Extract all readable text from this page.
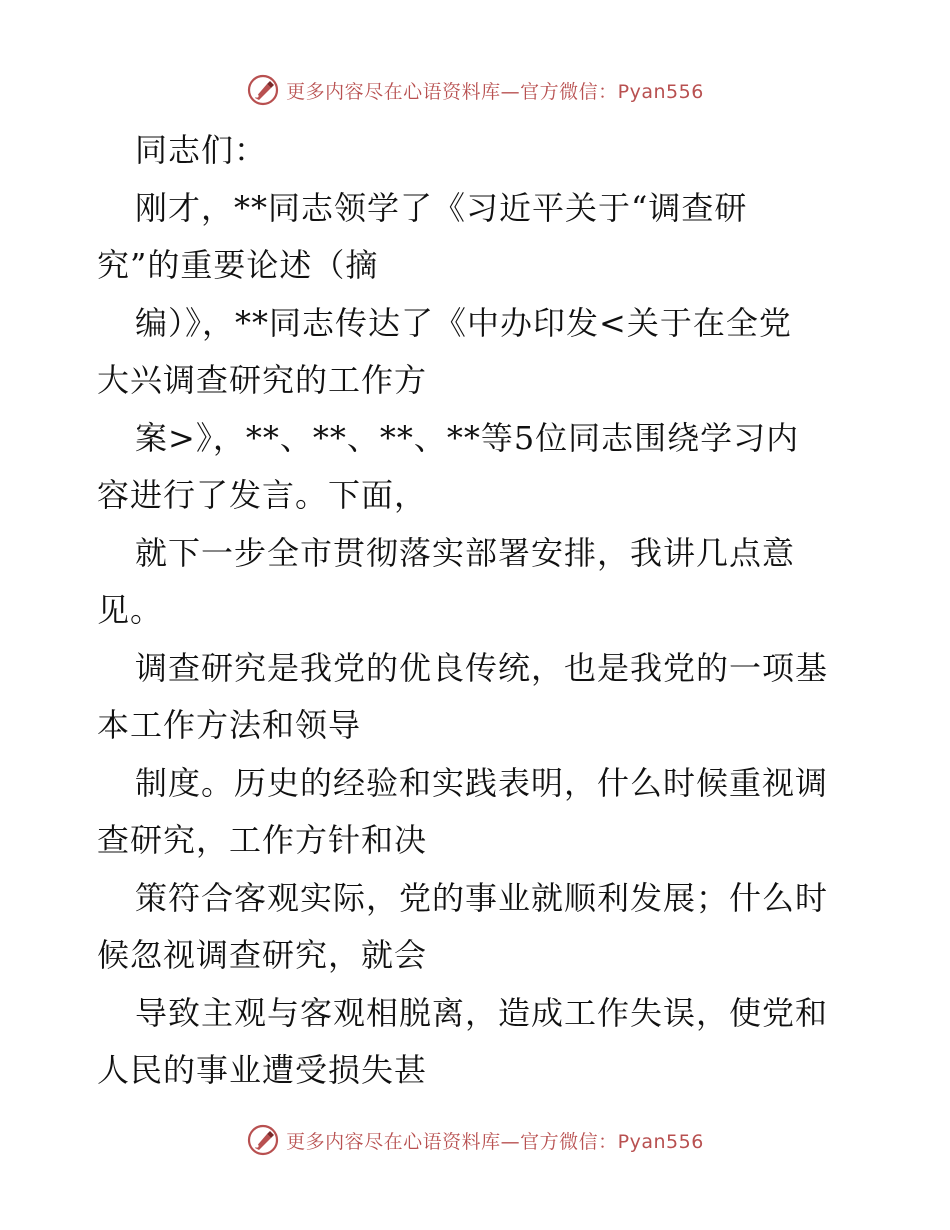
更多内容尽在心语资料库—官方微信：Pyan556
同志们：
刚才，**同志领学了《习近平关于“调查研
究”的重要论述（摘
编）》，**同志传达了《中办印发<关于在全党
大兴调查研究的工作方
案>》，**、**、**、**等5位同志围绕学习内
容进行了发言。下面，
就下一步全市贯彻落实部署安排，我讲几点意
见。
调查研究是我党的优良传统，也是我党的一项基
本工作方法和领导
制度。历史的经验和实践表明，什么时候重视调
查研究，工作方针和决
策符合客观实际，党的事业就顺利发展；什么时
候忽视调查研究，就会
导致主观与客观相脱离，造成工作失误，使党和
人民的事业遭受损失甚
更多内容尽在心语资料库—官方微信：Pyan556
